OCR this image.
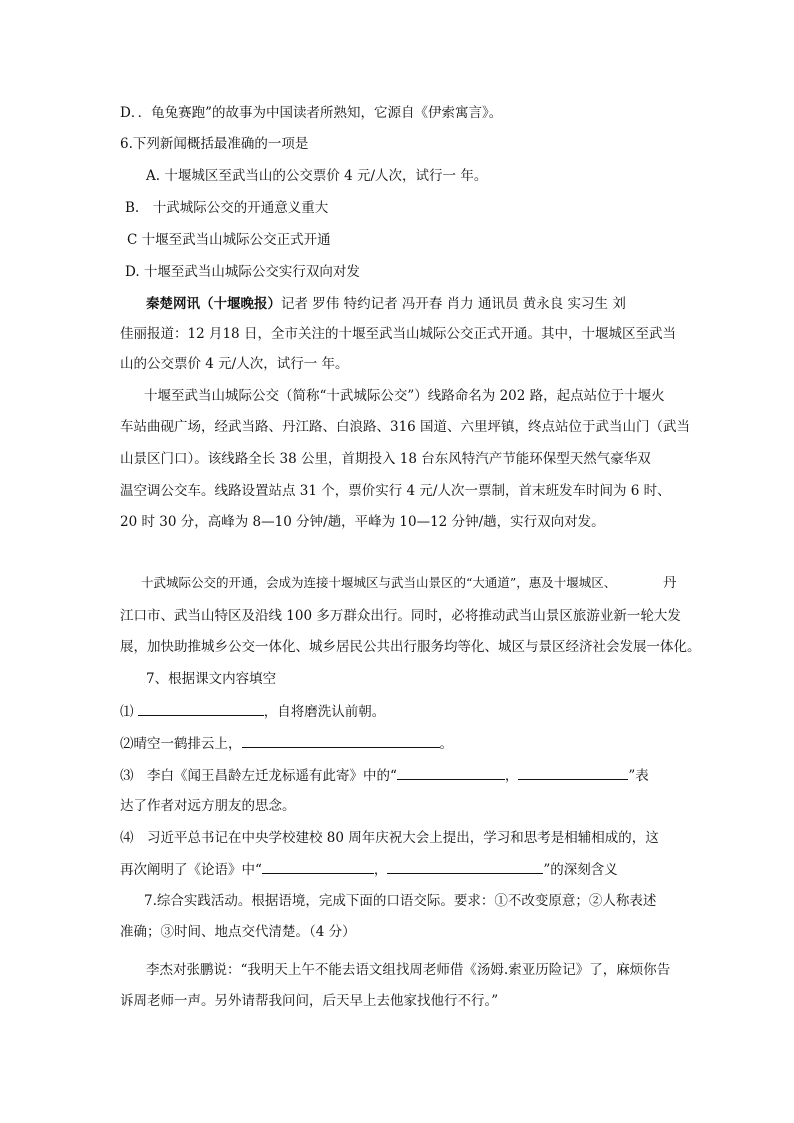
D．．龟兔赛跑”的故事为中国读者所熟知，它源自《伊索寓言》。
6.下列新闻概括最准确的一项是
A. 十堰城区至武当山的公交票价 4 元/人次，试行一 年。
B.　十武城际公交的开通意义重大
C 十堰至武当山城际公交正式开通
D. 十堰至武当山城际公交实行双向对发
秦楚网讯（十堰晚报）记者 罗伟 特约记者 冯开春 肖力 通讯员 黄永良 实习生 刘
佳丽报道：12 月18 日，全市关注的十堰至武当山城际公交正式开通。其中，十堰城区至武当
山的公交票价 4 元/人次，试行一 年。
十堰至武当山城际公交（简称“十武城际公交”）线路命名为 202 路，起点站位于十堰火
车站曲砚广场，经武当路、丹江路、白浪路、316 国道、六里坪镇，终点站位于武当山门（武当
山景区门口）。该线路全长 38 公里，首期投入 18 台东风特汽产节能环保型天然气豪华双
温空调公交车。线路设置站点 31 个，票价实行 4 元/人次一票制，首末班发车时间为 6 时、
20 时 30 分，高峰为 8—10 分钟/趟，平峰为 10—12 分钟/趟，实行双向对发。
十武城际公交的开通，会成为连接十堰城区与武当山景区的“大通道”，惠及十堰城区、	丹
江口市、武当山特区及沿线 100 多万群众出行。同时，必将推动武当山景区旅游业新一轮大发
展，加快助推城乡公交一体化、城乡居民公共出行服务均等化、城区与景区经济社会发展一体化。
7、根据课文内容填空
⑴	，自将磨洗认前朝。
⑵晴空一鹤排云上，	。
⑶　李白《闻王昌龄左迁龙标遥有此寄》中的“	，	”表
达了作者对远方朋友的思念。
⑷　习近平总书记在中央学校建校 80 周年庆祝大会上提出，学习和思考是相辅相成的，这
再次阐明了《论语》中“	，	”的深刻含义
7.综合实践活动。根据语境，完成下面的口语交际。要求：①不改变原意；②人称表述
准确；③时间、地点交代清楚。（4 分）
李杰对张鹏说：“我明天上午不能去语文组找周老师借《汤姆.索亚历险记》了，麻烦你告
诉周老师一声。另外请帮我问问，后天早上去他家找他行不行。”
